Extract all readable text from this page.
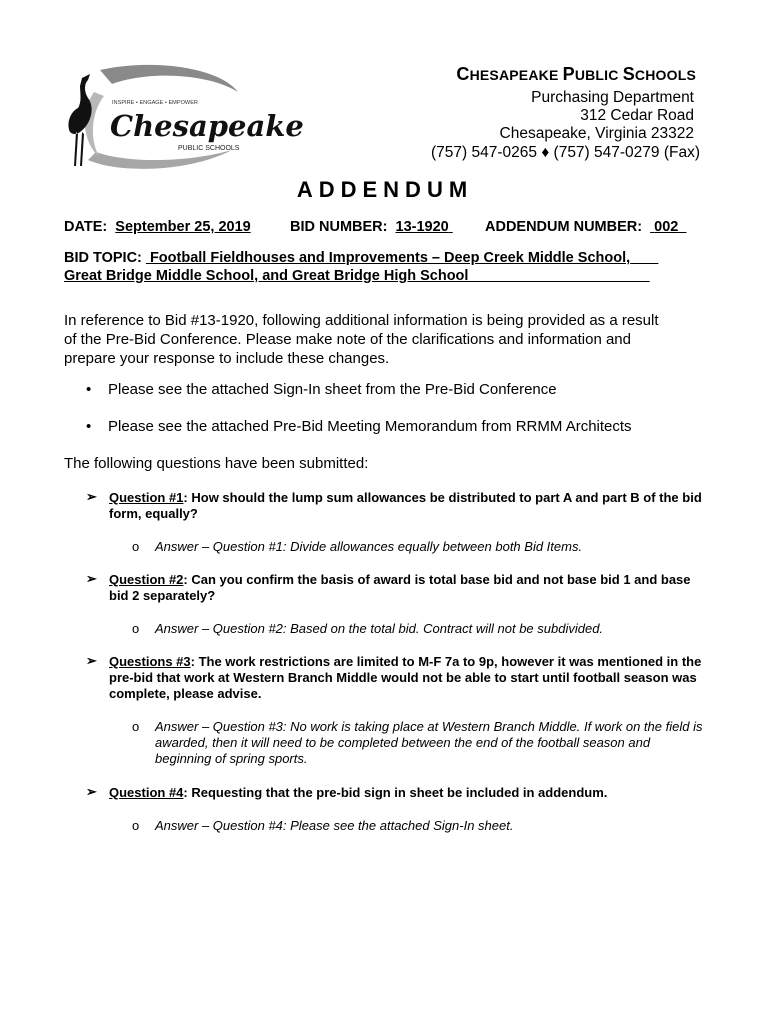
INSPIRE • ENGAGE • EMPOWER
Chesapeake
PUBLIC SCHOOLS
CHESAPEAKE PUBLIC SCHOOLS
Purchasing Department
312 Cedar Road
Chesapeake, Virginia 23322
(757) 547-0265 ♦ (757) 547-0279 (Fax)
ADDENDUM
DATE: September 25, 2019	BID NUMBER: 13-1920	ADDENDUM NUMBER: 002
BID TOPIC: Football Fieldhouses and Improvements – Deep Creek Middle School,
Great Bridge Middle School, and Great Bridge High School
In reference to Bid #13-1920, following additional information is being provided as a result of the Pre-Bid Conference. Please make note of the clarifications and information and prepare your response to include these changes.
• Please see the attached Sign-In sheet from the Pre-Bid Conference
• Please see the attached Pre-Bid Meeting Memorandum from RRMM Architects
The following questions have been submitted:
➢ Question #1: How should the lump sum allowances be distributed to part A and part B of the bid form, equally?
o Answer – Question #1: Divide allowances equally between both Bid Items.
➢ Question #2: Can you confirm the basis of award is total base bid and not base bid 1 and base bid 2 separately?
o Answer – Question #2: Based on the total bid. Contract will not be subdivided.
➢ Questions #3: The work restrictions are limited to M-F 7a to 9p, however it was mentioned in the pre-bid that work at Western Branch Middle would not be able to start until football season was complete, please advise.
o Answer – Question #3: No work is taking place at Western Branch Middle. If work on the field is awarded, then it will need to be completed between the end of the football season and beginning of spring sports.
➢ Question #4: Requesting that the pre-bid sign in sheet be included in addendum.
o Answer – Question #4: Please see the attached Sign-In sheet.
